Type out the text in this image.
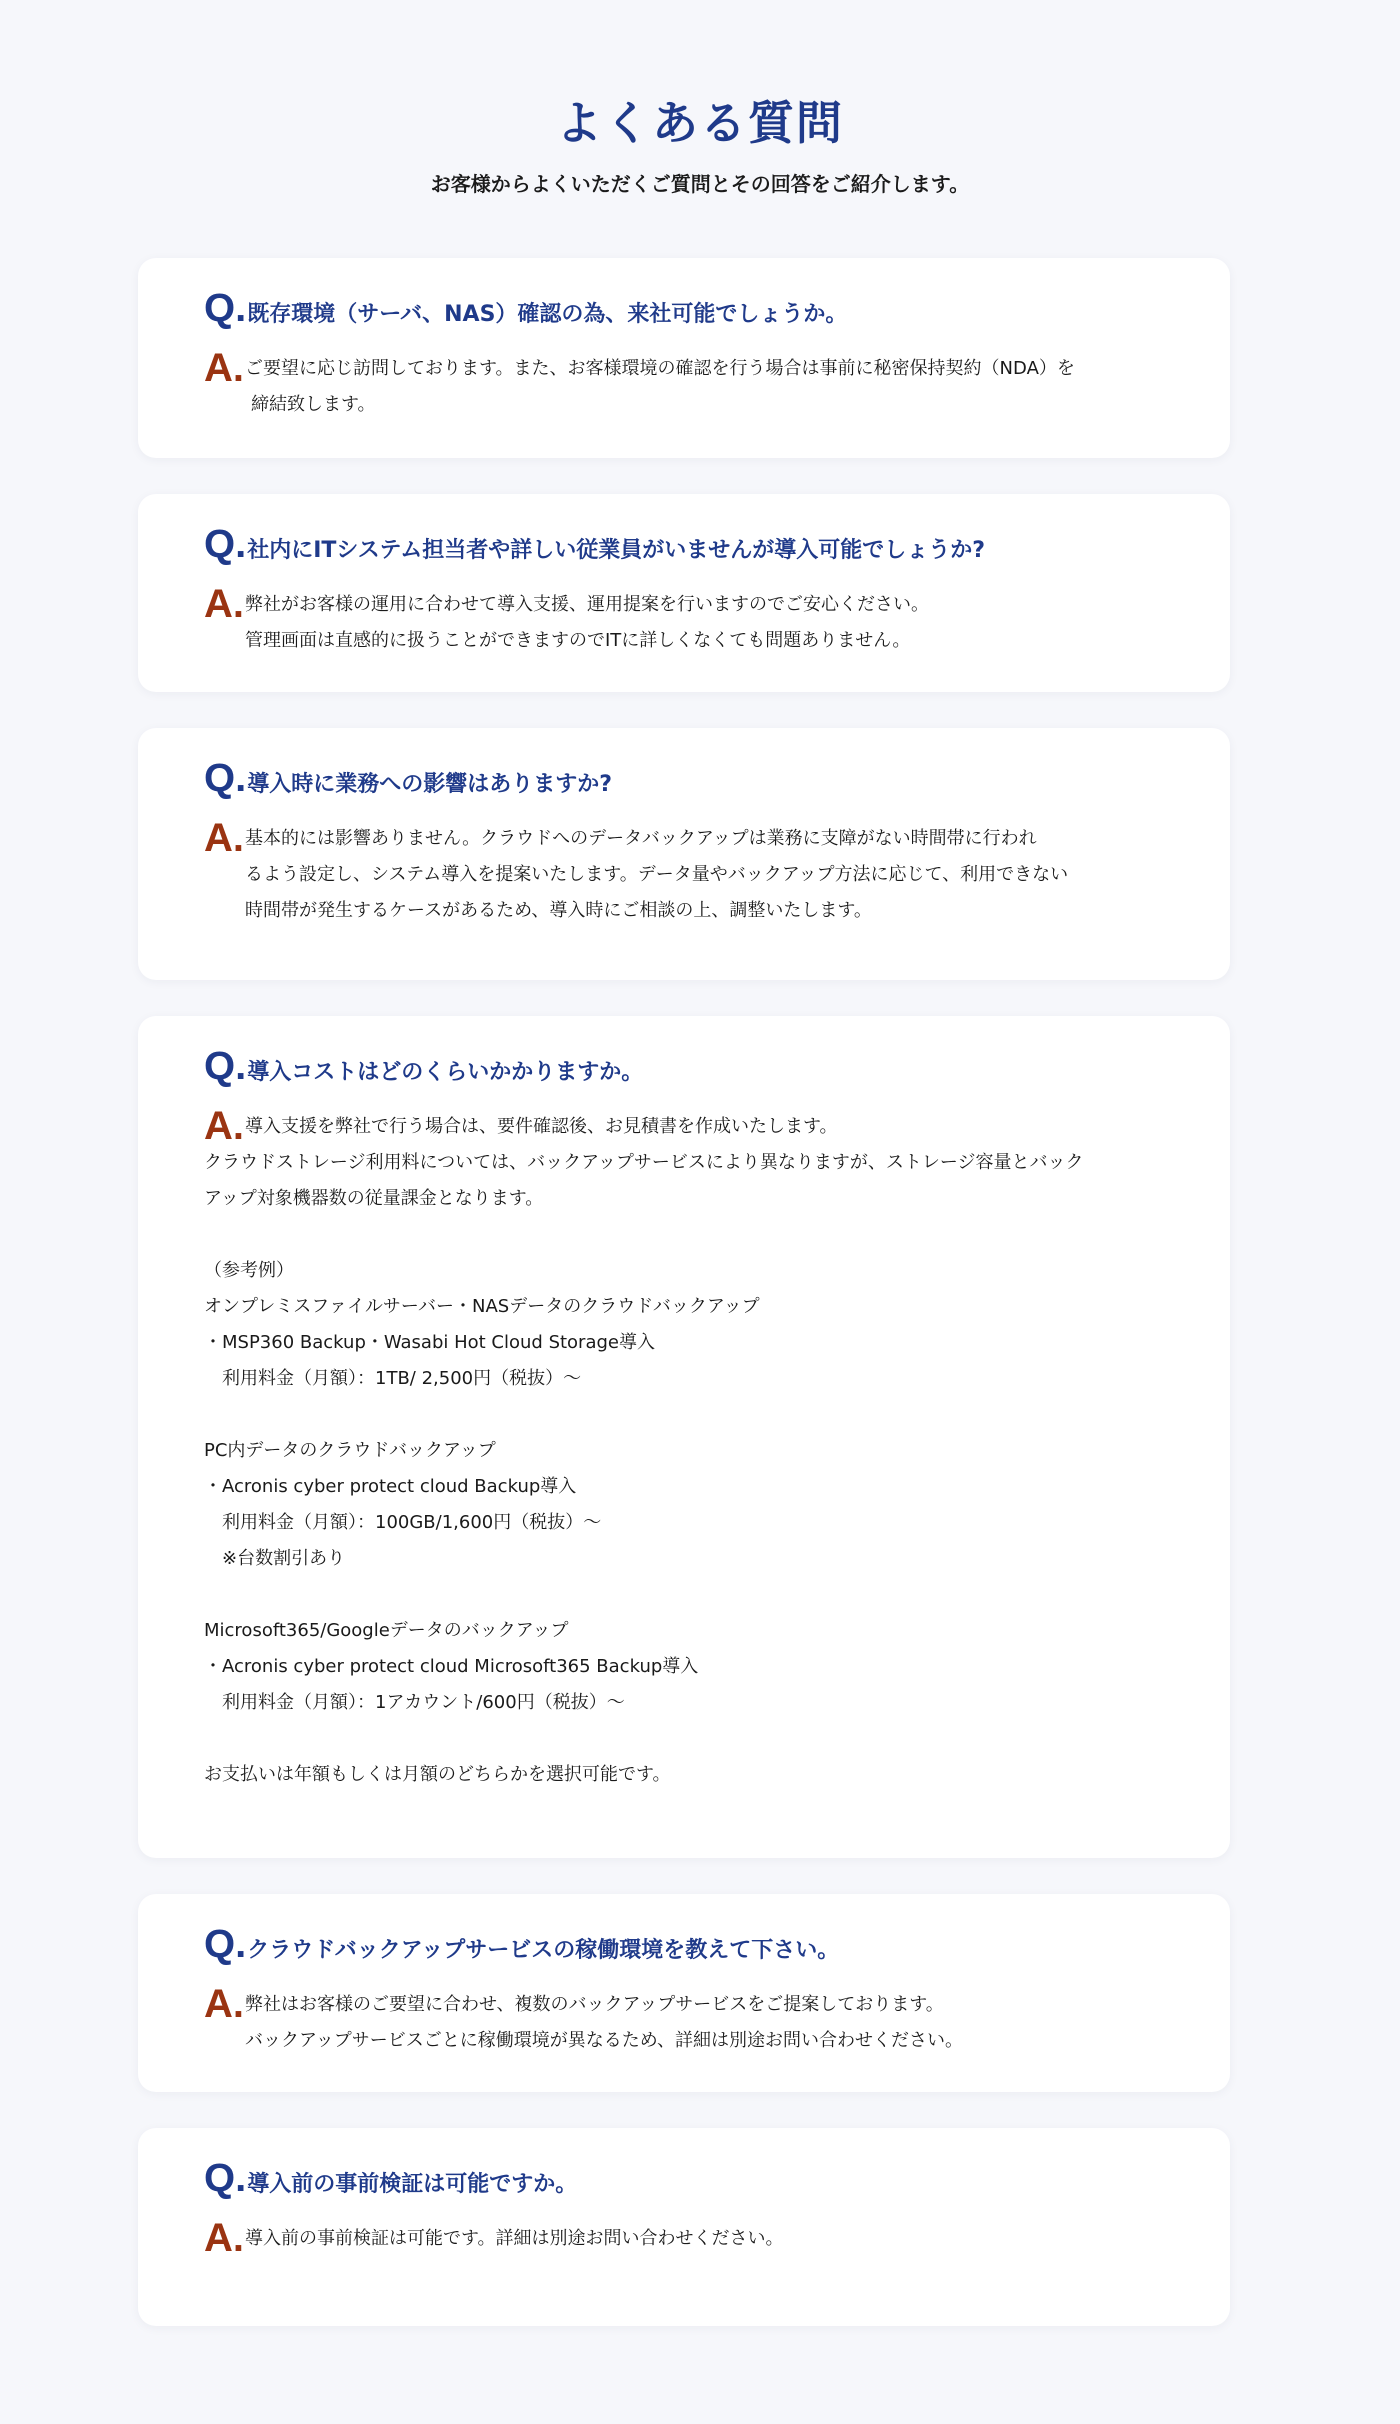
よくある質問

お客様からよくいただくご質問とその回答をご紹介します。

Q. 既存環境（サーバ、NAS）確認の為、来社可能でしょうか。
A. ご要望に応じ訪問しております。また、お客様環境の確認を行う場合は事前に秘密保持契約（NDA）を
締結致します。
Q. 社内にITシステム担当者や詳しい従業員がいませんが導入可能でしょうか?
A. 弊社がお客様の運用に合わせて導入支援、運用提案を行いますのでご安心ください。
管理画面は直感的に扱うことができますのでITに詳しくなくても問題ありません。
Q. 導入時に業務への影響はありますか?
A. 基本的には影響ありません。クラウドへのデータバックアップは業務に支障がない時間帯に行われ
るよう設定し、システム導入を提案いたします。データ量やバックアップ方法に応じて、利用できない
時間帯が発生するケースがあるため、導入時にご相談の上、調整いたします。
Q. 導入コストはどのくらいかかりますか。
A. 導入支援を弊社で行う場合は、要件確認後、お見積書を作成いたします。
クラウドストレージ利用料については、バックアップサービスにより異なりますが、ストレージ容量とバック
アップ対象機器数の従量課金となります。
（参考例）
オンプレミスファイルサーバー・NASデータのクラウドバックアップ
・MSP360 Backup・Wasabi Hot Cloud Storage導入
　利用料金（月額）：1TB/ 2,500円（税抜）～
PC内データのクラウドバックアップ
・Acronis cyber protect cloud Backup導入
　利用料金（月額）：100GB/1,600円（税抜）～
　※台数割引あり
Microsoft365/Googleデータのバックアップ
・Acronis cyber protect cloud Microsoft365 Backup導入
　利用料金（月額）：1アカウント/600円（税抜）～
お支払いは年額もしくは月額のどちらかを選択可能です。
Q. クラウドバックアップサービスの稼働環境を教えて下さい。
A. 弊社はお客様のご要望に合わせ、複数のバックアップサービスをご提案しております。
バックアップサービスごとに稼働環境が異なるため、詳細は別途お問い合わせください。
Q. 導入前の事前検証は可能ですか。
A. 導入前の事前検証は可能です。詳細は別途お問い合わせください。
